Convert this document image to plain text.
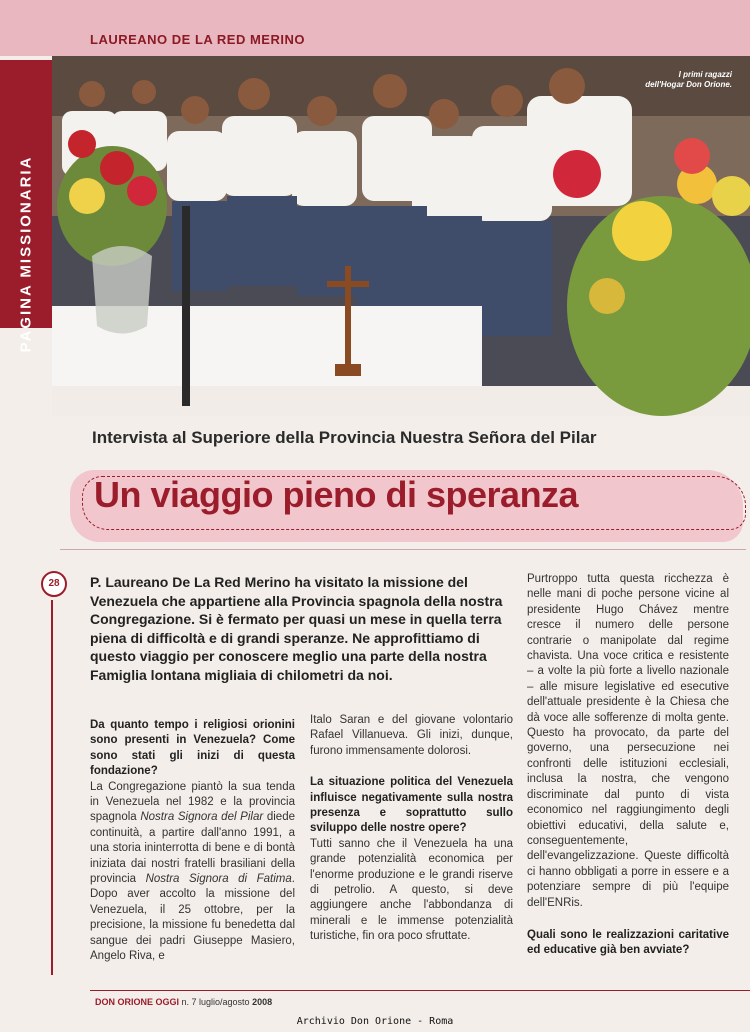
LAUREANO DE LA RED MERINO
PAGINA MISSIONARIA
I primi ragazzi
dell'Hogar Don Orione.
Intervista al Superiore della Provincia Nuestra Señora del Pilar
Un viaggio pieno di speranza
28	P. Laureano De La Red Merino ha visitato la missione del Venezuela che appartiene alla Provincia spagnola della nostra Congregazione. Si è fermato per quasi un mese in quella terra piena di difficoltà e di grandi speranze. Ne approfittiamo di questo viaggio per conoscere meglio una parte della nostra Famiglia lontana migliaia di chilometri da noi.

Da quanto tempo i religiosi orionini sono presenti in Venezuela? Come sono stati gli inizi di questa fondazione?

La Congregazione piantò la sua tenda in Venezuela nel 1982 e la provincia spagnola Nostra Signora del Pilar diede continuità, a partire dall'anno 1991, a una storia ininterrotta di bene e di bontà iniziata dai nostri fratelli brasiliani della provincia Nostra Signora di Fatima. Dopo aver accolto la missione del Venezuela, il 25 ottobre, per la precisione, la missione fu benedetta dal sangue dei padri Giuseppe Masiero, Angelo Riva, e

Italo Saran e del giovane volontario Rafael Villanueva. Gli inizi, dunque, furono immensamente dolorosi.

La situazione politica del Venezuela influisce negativamente sulla nostra presenza e soprattutto sullo sviluppo delle nostre opere?

Tutti sanno che il Venezuela ha una grande potenzialità economica per l'enorme produzione e le grandi riserve di petrolio. A questo, si deve aggiungere anche l'abbondanza di minerali e le immense potenzialità turistiche, fin ora poco sfruttate.

Purtroppo tutta questa ricchezza è nelle mani di poche persone vicine al presidente Hugo Chávez mentre cresce il numero delle persone contrarie o manipolate dal regime chavista. Una voce critica e resistente – a volte la più forte a livello nazionale – alle misure legislative ed esecutive dell'attuale presidente è la Chiesa che dà voce alle sofferenze di molta gente. Questo ha provocato, da parte del governo, una persecuzione nei confronti delle istituzioni ecclesiali, inclusa la nostra, che vengono discriminate dal punto di vista economico nel raggiungimento degli obiettivi educativi, della salute e, conseguentemente, dell'evangelizzazione. Queste difficoltà ci hanno obbligati a porre in essere e a potenziare sempre di più l'equipe dell'ENRis.

Quali sono le realizzazioni caritative ed educative già ben avviate?

DON ORIONE OGGI n. 7 luglio/agosto 2008
Archivio Don Orione - Roma
